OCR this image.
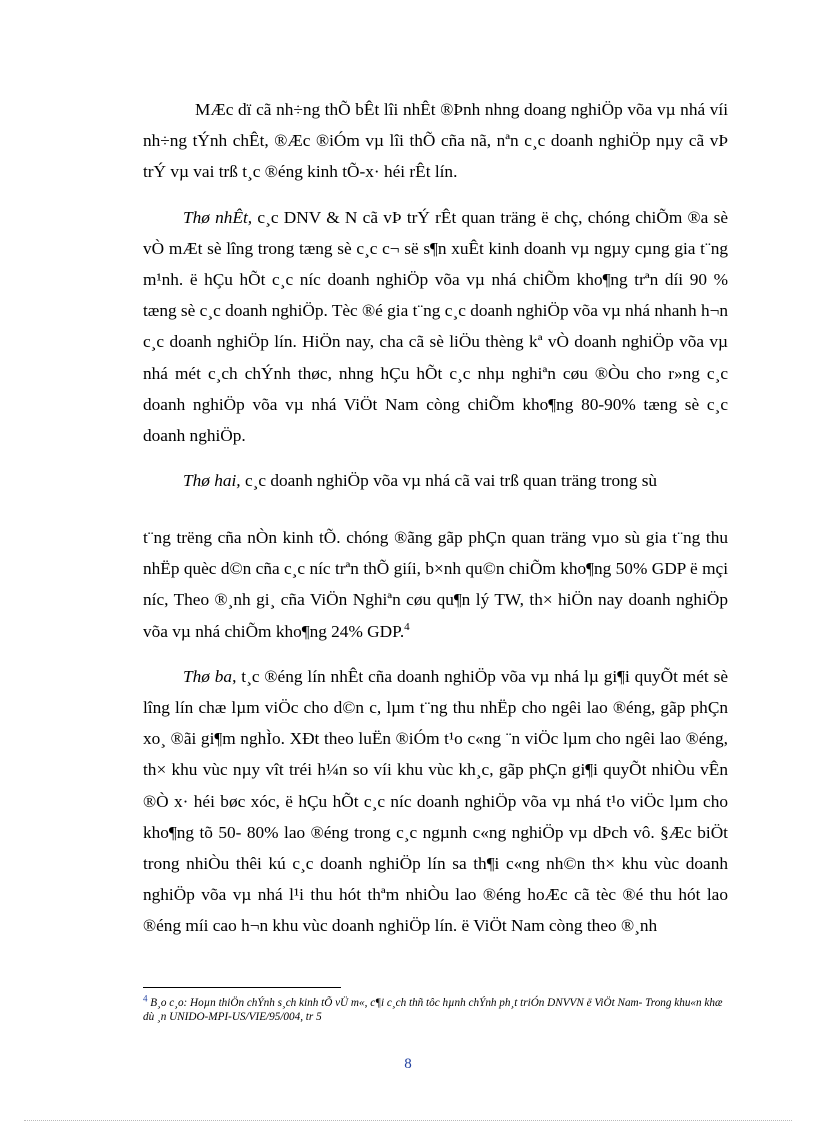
MÆc dï cã nh÷ng thÕ bÊt lîi nhÊt ®Þnh nhng doang nghiÖp võa vµ nhá víi nh÷ng tÝnh chÊt, ®Æc ®iÓm vµ lîi thÕ cña nã, nªn c¸c doanh nghiÖp nµy cã vÞ trÝ vµ vai trß t¸c ®éng kinh tÕ-x· héi rÊt lín.

Thø nhÊt, c¸c DNV & N cã vÞ trÝ rÊt quan träng ë chç, chóng chiÕm ®a sè vÒ mÆt sè lîng trong tæng sè c¸c c¬ së s¶n xuÊt kinh doanh vµ ngµy cµng gia t¨ng m¹nh. ë hÇu hÕt c¸c níc doanh nghiÖp võa vµ nhá chiÕm kho¶ng trªn díi 90 % tæng sè c¸c doanh nghiÖp. Tèc ®é gia t¨ng c¸c doanh nghiÖp võa vµ nhá nhanh h¬n c¸c doanh nghiÖp lín. HiÖn nay, cha cã sè liÖu thèng kª vÒ doanh nghiÖp võa vµ nhá mét c¸ch chÝnh thøc, nhng hÇu hÕt c¸c nhµ nghiªn cøu ®Òu cho r»ng c¸c doanh nghiÖp võa vµ nhá ViÖt Nam còng chiÕm kho¶ng 80-90% tæng sè c¸c doanh nghiÖp.

Thø hai, c¸c doanh nghiÖp võa vµ nhá cã vai trß quan träng trong sù

t¨ng trëng cña nÒn kinh tÕ. chóng ®ãng gãp phÇn quan träng vµo sù gia t¨ng thu nhËp quèc d©n cña c¸c níc trªn thÕ giíi, b×nh qu©n chiÕm kho¶ng 50% GDP ë mçi níc, Theo ®¸nh gi¸ cña ViÖn Nghiªn cøu qu¶n lý TW, th× hiÖn nay doanh nghiÖp võa vµ nhá chiÕm kho¶ng 24% GDP.$^4$

Thø ba, t¸c ®éng lín nhÊt cña doanh nghiÖp võa vµ nhá lµ gi¶i quyÕt mét sè lîng lín chæ lµm viÖc cho d©n c, lµm t¨ng thu nhËp cho ngêi lao ®éng, gãp phÇn xo¸ ®ãi gi¶m nghÌo. XÐt theo luËn ®iÓm t¹o c«ng ¨n viÖc lµm cho ngêi lao ®éng, th× khu vùc nµy vît tréi h¼n so víi khu vùc kh¸c, gãp phÇn gi¶i quyÕt nhiÒu vÊn ®Ò x· héi bøc xóc, ë hÇu hÕt c¸c níc doanh nghiÖp võa vµ nhá t¹o viÖc lµm cho kho¶ng tõ 50- 80% lao ®éng trong c¸c ngµnh c«ng nghiÖp vµ dÞch vô. §Æc biÖt trong nhiÒu thêi kú c¸c doanh nghiÖp lín sa th¶i c«ng nh©n th× khu vùc doanh nghiÖp võa vµ nhá l¹i thu hót thªm nhiÒu lao ®éng hoÆc cã tèc ®é thu hót lao ®éng míi cao h¬n khu vùc doanh nghiÖp lín. ë ViÖt Nam còng theo ®¸nh

$^4$ B¸o c¸o: Hoµn thiÖn chÝnh s¸ch kinh tÕ vÜ m«, c¶i c¸ch thñ tôc hµnh chÝnh ph¸t triÓn DNVVN ë ViÖt Nam- Trong khu«n khæ dù ¸n UNIDO-MPI-US/VIE/95/004, tr 5
8
